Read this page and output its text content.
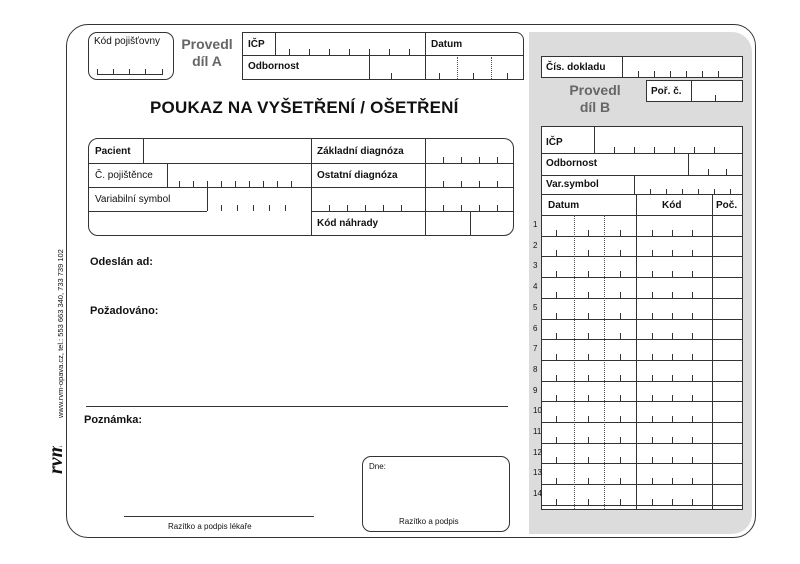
www.rvm-opava.cz, tel.: 553 663 340, 733 739 102
rvm
Kód pojišťovny	Provedl
díl A
IČP	Datum
Odbornost
POUKAZ NA VYŠETŘENÍ / OŠETŘENÍ
Pacient
Č. pojištěnce
Variabilní symbol
Základní diagnóza
Ostatní diagnóza
Kód náhrady
Odeslán ad:
Požadováno:
Poznámka:
Razítko a podpis lékaře
Dne:
Razítko a podpis
Čís. dokladu
Provedl
díl B
Poř. č.
IČP
Odbornost
Var.symbol
Datum	Kód	Poč.
1
2
3
4
5
6
7
8
9
10
11
12
13
14
